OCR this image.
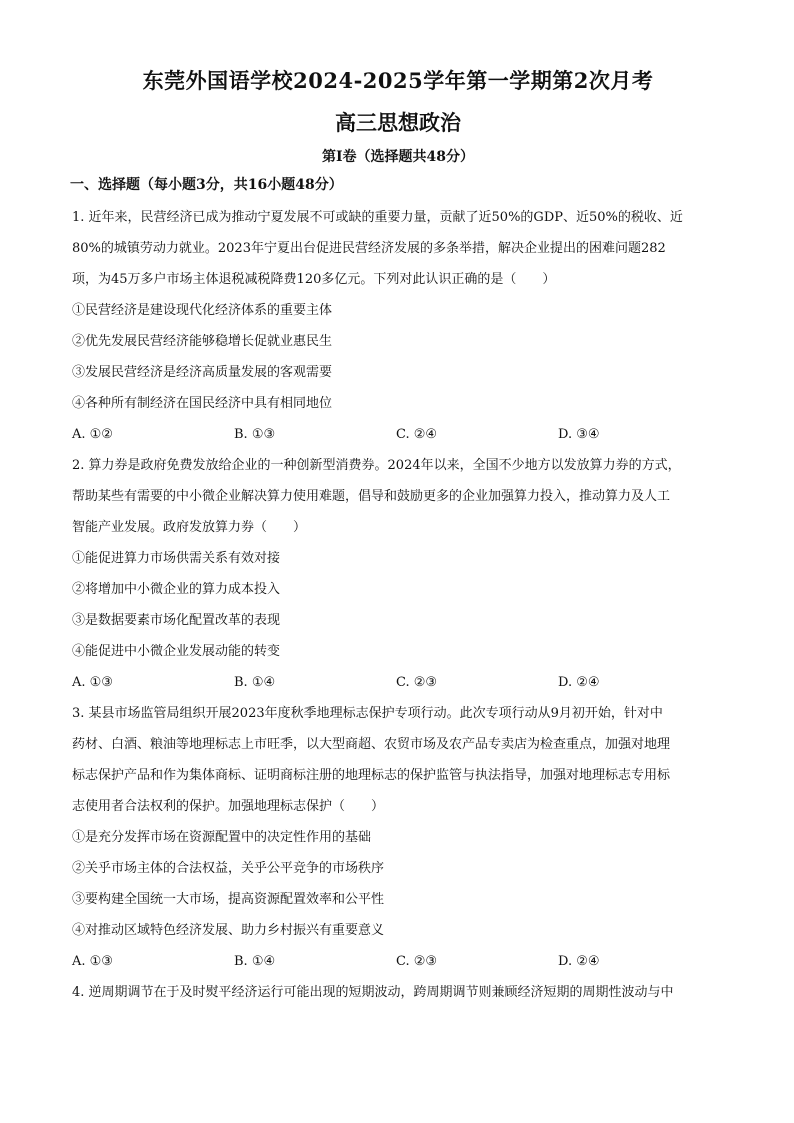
东莞外国语学校2024-2025学年第一学期第2次月考
高三思想政治
第I卷（选择题共48分）
一、选择题（每小题3分，共16小题48分）
1. 近年来，民营经济已成为推动宁夏发展不可或缺的重要力量，贡献了近50%的GDP、近50%的税收、近
80%的城镇劳动力就业。2023年宁夏出台促进民营经济发展的多条举措，解决企业提出的困难问题282
项，为45万多户市场主体退税减税降费120多亿元。下列对此认识正确的是（　　）
①民营经济是建设现代化经济体系的重要主体
②优先发展民营经济能够稳增长促就业惠民生
③发展民营经济是经济高质量发展的客观需要
④各种所有制经济在国民经济中具有相同地位
A. ①②	B. ①③	C. ②④	D. ③④
2. 算力券是政府免费发放给企业的一种创新型消费券。2024年以来，全国不少地方以发放算力券的方式，
帮助某些有需要的中小微企业解决算力使用难题，倡导和鼓励更多的企业加强算力投入，推动算力及人工
智能产业发展。政府发放算力券（　　）
①能促进算力市场供需关系有效对接
②将增加中小微企业的算力成本投入
③是数据要素市场化配置改革的表现
④能促进中小微企业发展动能的转变
A. ①③	B. ①④	C. ②③	D. ②④
3. 某县市场监管局组织开展2023年度秋季地理标志保护专项行动。此次专项行动从9月初开始，针对中
药材、白酒、粮油等地理标志上市旺季，以大型商超、农贸市场及农产品专卖店为检查重点，加强对地理
标志保护产品和作为集体商标、证明商标注册的地理标志的保护监管与执法指导，加强对地理标志专用标
志使用者合法权利的保护。加强地理标志保护（　　）
①是充分发挥市场在资源配置中的决定性作用的基础
②关乎市场主体的合法权益，关乎公平竞争的市场秩序
③要构建全国统一大市场，提高资源配置效率和公平性
④对推动区域特色经济发展、助力乡村振兴有重要意义
A. ①③	B. ①④	C. ②③	D. ②④
4. 逆周期调节在于及时熨平经济运行可能出现的短期波动，跨周期调节则兼顾经济短期的周期性波动与中
